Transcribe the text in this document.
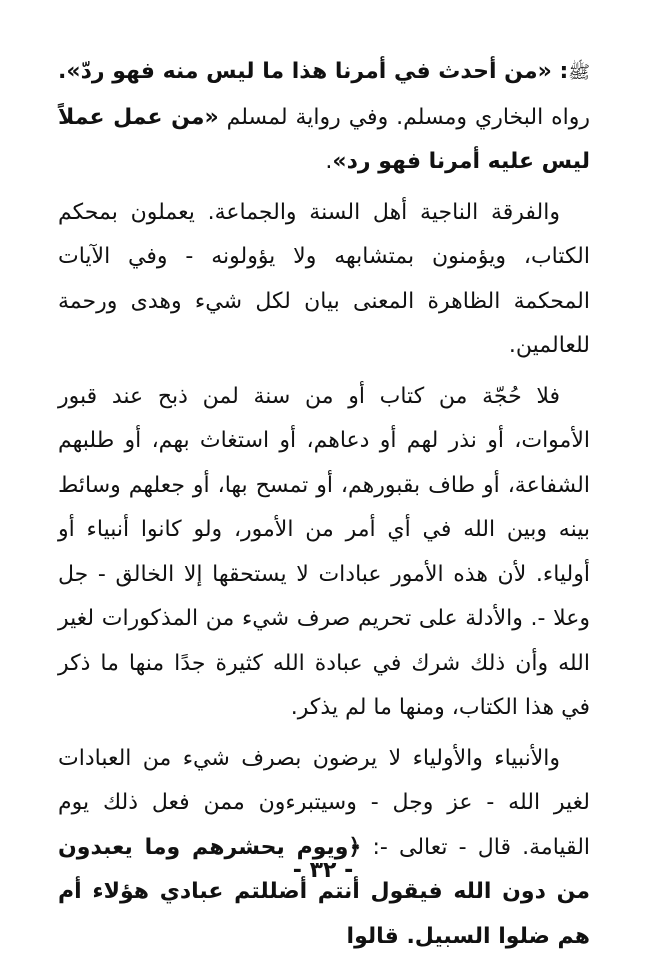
ﷺ: «من أحدث في أمرنا هذا ما ليس منه فهو ردّ». رواه البخاري ومسلم. وفي رواية لمسلم «من عمل عملاً ليس عليه أمرنا فهو رد».

والفرقة الناجية أهل السنة والجماعة. يعملون بمحكم الكتاب، ويؤمنون بمتشابهه ولا يؤولونه - وفي الآيات المحكمة الظاهرة المعنى بيان لكل شيء وهدى ورحمة للعالمين.

فلا حُجّة من كتاب أو من سنة لمن ذبح عند قبور الأموات، أو نذر لهم أو دعاهم، أو استغاث بهم، أو طلبهم الشفاعة، أو طاف بقبورهم، أو تمسح بها، أو جعلهم وسائط بينه وبين الله في أي أمر من الأمور، ولو كانوا أنبياء أو أولياء. لأن هذه الأمور عبادات لا يستحقها إلا الخالق - جل وعلا -. والأدلة على تحريم صرف شيء من المذكورات لغير الله وأن ذلك شرك في عبادة الله كثيرة جدًا منها ما ذكر في هذا الكتاب، ومنها ما لم يذكر.

والأنبياء والأولياء لا يرضون بصرف شيء من العبادات لغير الله - عز وجل - وسيتبرءون ممن فعل ذلك يوم القيامة. قال - تعالى -: ﴿ويوم يحشرهم وما يعبدون من دون الله فيقول أنتم أضللتم عبادي هؤلاء أم هم ضلوا السبيل. قالوا

- ٣٢ -
